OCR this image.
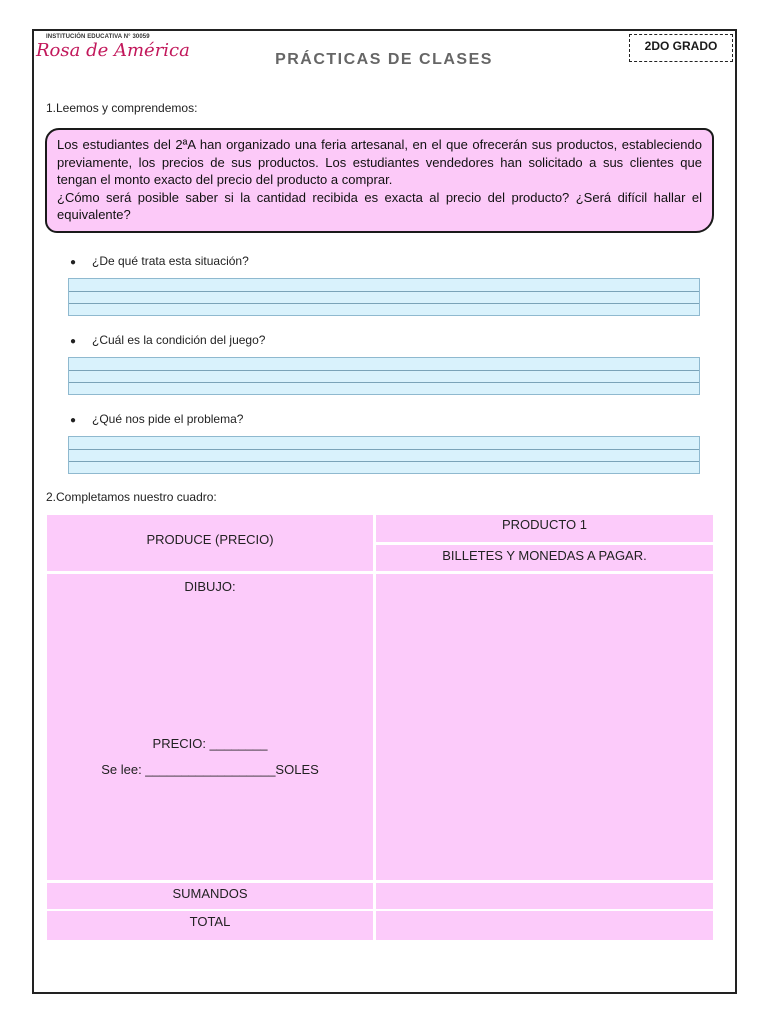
INSTITUCIÓN EDUCATIVA N° 30059
Rosa de América	PRÁCTICAS DE CLASES
2DO GRADO
1.Leemos y comprendemos:

Los estudiantes del 2ªA han organizado una feria artesanal, en el que ofrecerán sus productos, estableciendo previamente, los precios de sus productos. Los estudiantes vendedores han solicitado a sus clientes que tengan el monto exacto del precio del producto a comprar.

¿Cómo será posible saber si la cantidad recibida es exacta al precio del producto? ¿Será difícil hallar el equivalente?

● ¿De qué trata esta situación?
● ¿Cuál es la condición del juego?
● ¿Qué nos pide el problema?
2.Completamos nuestro cuadro:
PRODUCE (PRECIO)
PRODUCTO 1
BILLETES Y MONEDAS A PAGAR.
DIBUJO:
PRECIO: ________
Se lee: __________________SOLES
SUMANDOS
TOTAL
